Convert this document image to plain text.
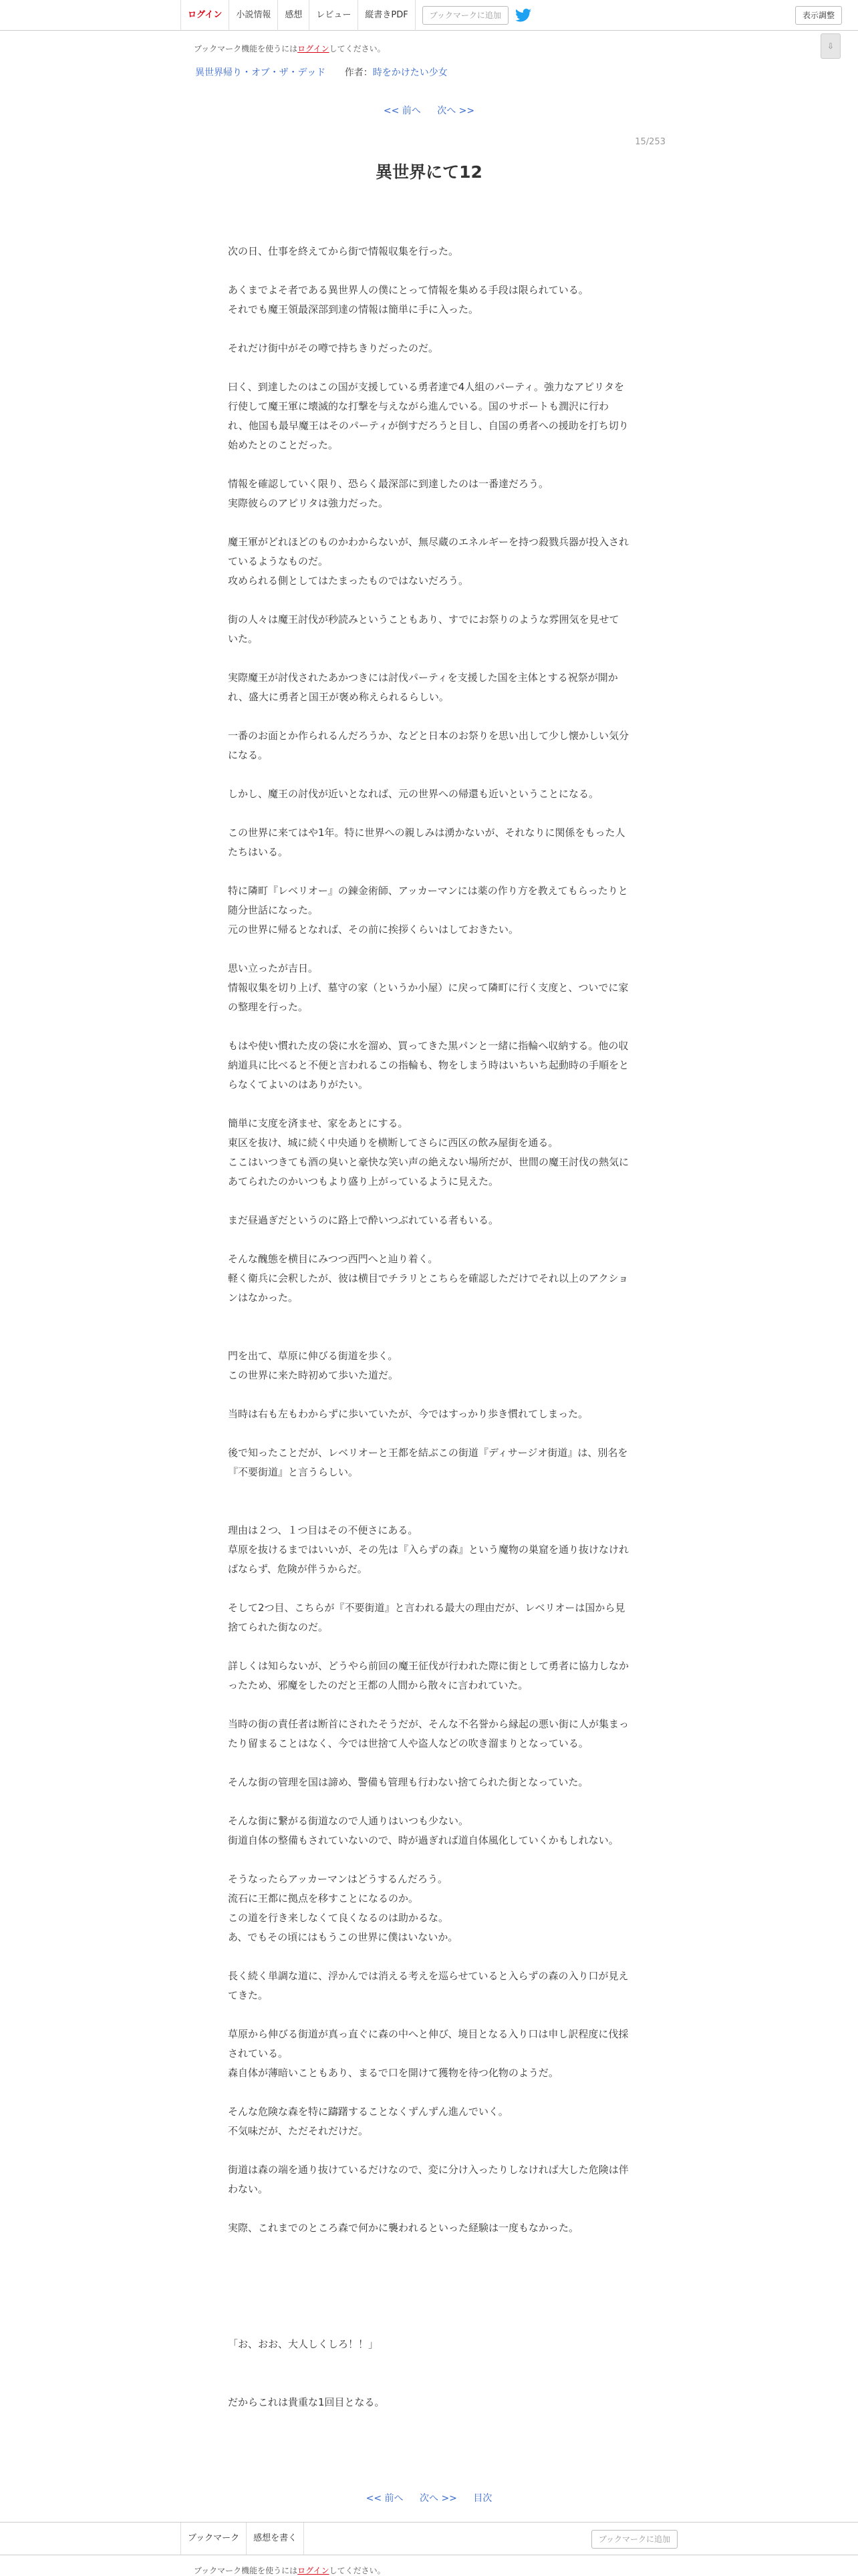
ログイン	小説情報	感想	レビュー	縦書きPDF	ブックマークに追加	表示調整
ブックマーク機能を使うにはログインしてください。	⇩
異世界帰り・オブ・ザ・デッド 作者：時をかけたい少女
<< 前へ 次へ >>
15/253
異世界にて12

次の日、仕事を終えてから街で情報収集を行った。

あくまでよそ者である異世界人の僕にとって情報を集める手段は限られている。

それでも魔王領最深部到達の情報は簡単に手に入った。

それだけ街中がその噂で持ちきりだったのだ。

曰く、到達したのはこの国が支援している勇者達で4人組のパーティ。強力なアピリタを行使して魔王軍に壊滅的な打撃を与えながら進んでいる。国のサポートも潤沢に行われ、他国も最早魔王はそのパーティが倒すだろうと目し、自国の勇者への援助を打ち切り始めたとのことだった。

情報を確認していく限り、恐らく最深部に到達したのは一番達だろう。

実際彼らのアピリタは強力だった。

魔王軍がどれほどのものかわからないが、無尽蔵のエネルギーを持つ殺戮兵器が投入されているようなものだ。

攻められる側としてはたまったものではないだろう。

街の人々は魔王討伐が秒読みということもあり、すでにお祭りのような雰囲気を見せていた。

実際魔王が討伐されたあかつきには討伐パーティを支援した国を主体とする祝祭が開かれ、盛大に勇者と国王が褒め称えられるらしい。

一番のお面とか作られるんだろうか、などと日本のお祭りを思い出して少し懐かしい気分になる。

しかし、魔王の討伐が近いとなれば、元の世界への帰還も近いということになる。

この世界に来てはや1年。特に世界への親しみは湧かないが、それなりに関係をもった人たちはいる。

特に隣町『レベリオー』の錬金術師、アッカーマンには薬の作り方を教えてもらったりと随分世話になった。

元の世界に帰るとなれば、その前に挨拶くらいはしておきたい。

思い立ったが吉日。

情報収集を切り上げ、墓守の家（というか小屋）に戻って隣町に行く支度と、ついでに家の整理を行った。

もはや使い慣れた皮の袋に水を溜め、買ってきた黒パンと一緒に指輪へ収納する。他の収納道具に比べると不便と言われるこの指輪も、物をしまう時はいちいち起動時の手順をとらなくてよいのはありがたい。

簡単に支度を済ませ、家をあとにする。

東区を抜け、城に続く中央通りを横断してさらに西区の飲み屋街を通る。

ここはいつきても酒の臭いと豪快な笑い声の絶えない場所だが、世間の魔王討伐の熱気にあてられたのかいつもより盛り上がっているように見えた。

まだ昼過ぎだというのに路上で酔いつぶれている者もいる。

そんな醜態を横目にみつつ西門へと辿り着く。

軽く衛兵に会釈したが、彼は横目でチラリとこちらを確認しただけでそれ以上のアクションはなかった。

門を出て、草原に伸びる街道を歩く。

この世界に来た時初めて歩いた道だ。

当時は右も左もわからずに歩いていたが、今ではすっかり歩き慣れてしまった。

後で知ったことだが、レベリオーと王都を結ぶこの街道『ディサージオ街道』は、別名を『不要街道』と言うらしい。

理由は２つ、１つ目はその不便さにある。

草原を抜けるまではいいが、その先は『入らずの森』という魔物の巣窟を通り抜けなければならず、危険が伴うからだ。

そして2つ目、こちらが『不要街道』と言われる最大の理由だが、レベリオーは国から見捨てられた街なのだ。

詳しくは知らないが、どうやら前回の魔王征伐が行われた際に街として勇者に協力しなかったため、邪魔をしたのだと王都の人間から散々に言われていた。

当時の街の責任者は断首にされたそうだが、そんな不名誉から縁起の悪い街に人が集まったり留まることはなく、今では世捨て人や盗人などの吹き溜まりとなっている。

そんな街の管理を国は諦め、警備も管理も行わない捨てられた街となっていた。

そんな街に繋がる街道なので人通りはいつも少ない。

街道自体の整備もされていないので、時が過ぎれば道自体風化していくかもしれない。

そうなったらアッカーマンはどうするんだろう。

流石に王都に拠点を移すことになるのか。

この道を行き来しなくて良くなるのは助かるな。

あ、でもその頃にはもうこの世界に僕はいないか。

長く続く単調な道に、浮かんでは消える考えを巡らせていると入らずの森の入り口が見えてきた。

草原から伸びる街道が真っ直ぐに森の中へと伸び、境目となる入り口は申し訳程度に伐採されている。

森自体が薄暗いこともあり、まるで口を開けて獲物を待つ化物のようだ。

そんな危険な森を特に躊躇することなくずんずん進んでいく。

不気味だが、ただそれだけだ。

街道は森の端を通り抜けているだけなので、変に分け入ったりしなければ大した危険は伴わない。

実際、これまでのところ森で何かに襲われるといった経験は一度もなかった。

「お、おお、大人しくしろ！！」

だからこれは貴重な1回目となる。

<< 前へ 次へ >> 目次
ブックマーク	感想を書く	ブックマークに追加
ブックマーク機能を使うにはログインしてください。
